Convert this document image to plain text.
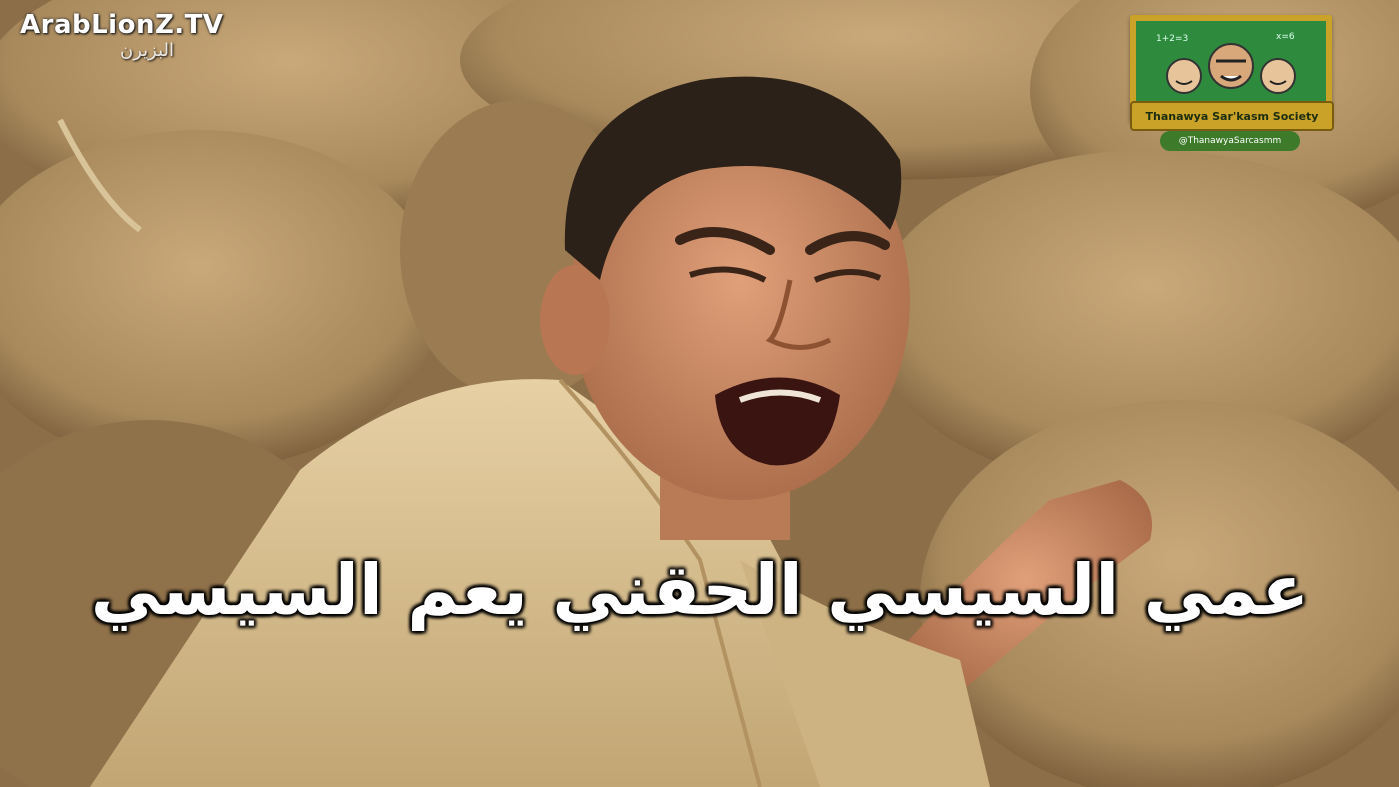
ArabLionZ.TV
البزيرن
1+2=3	x=6
Thanawya Sar'kasm Society
@ThanawyaSarcasmm
عمي السيسي الحقني يعم السيسي
